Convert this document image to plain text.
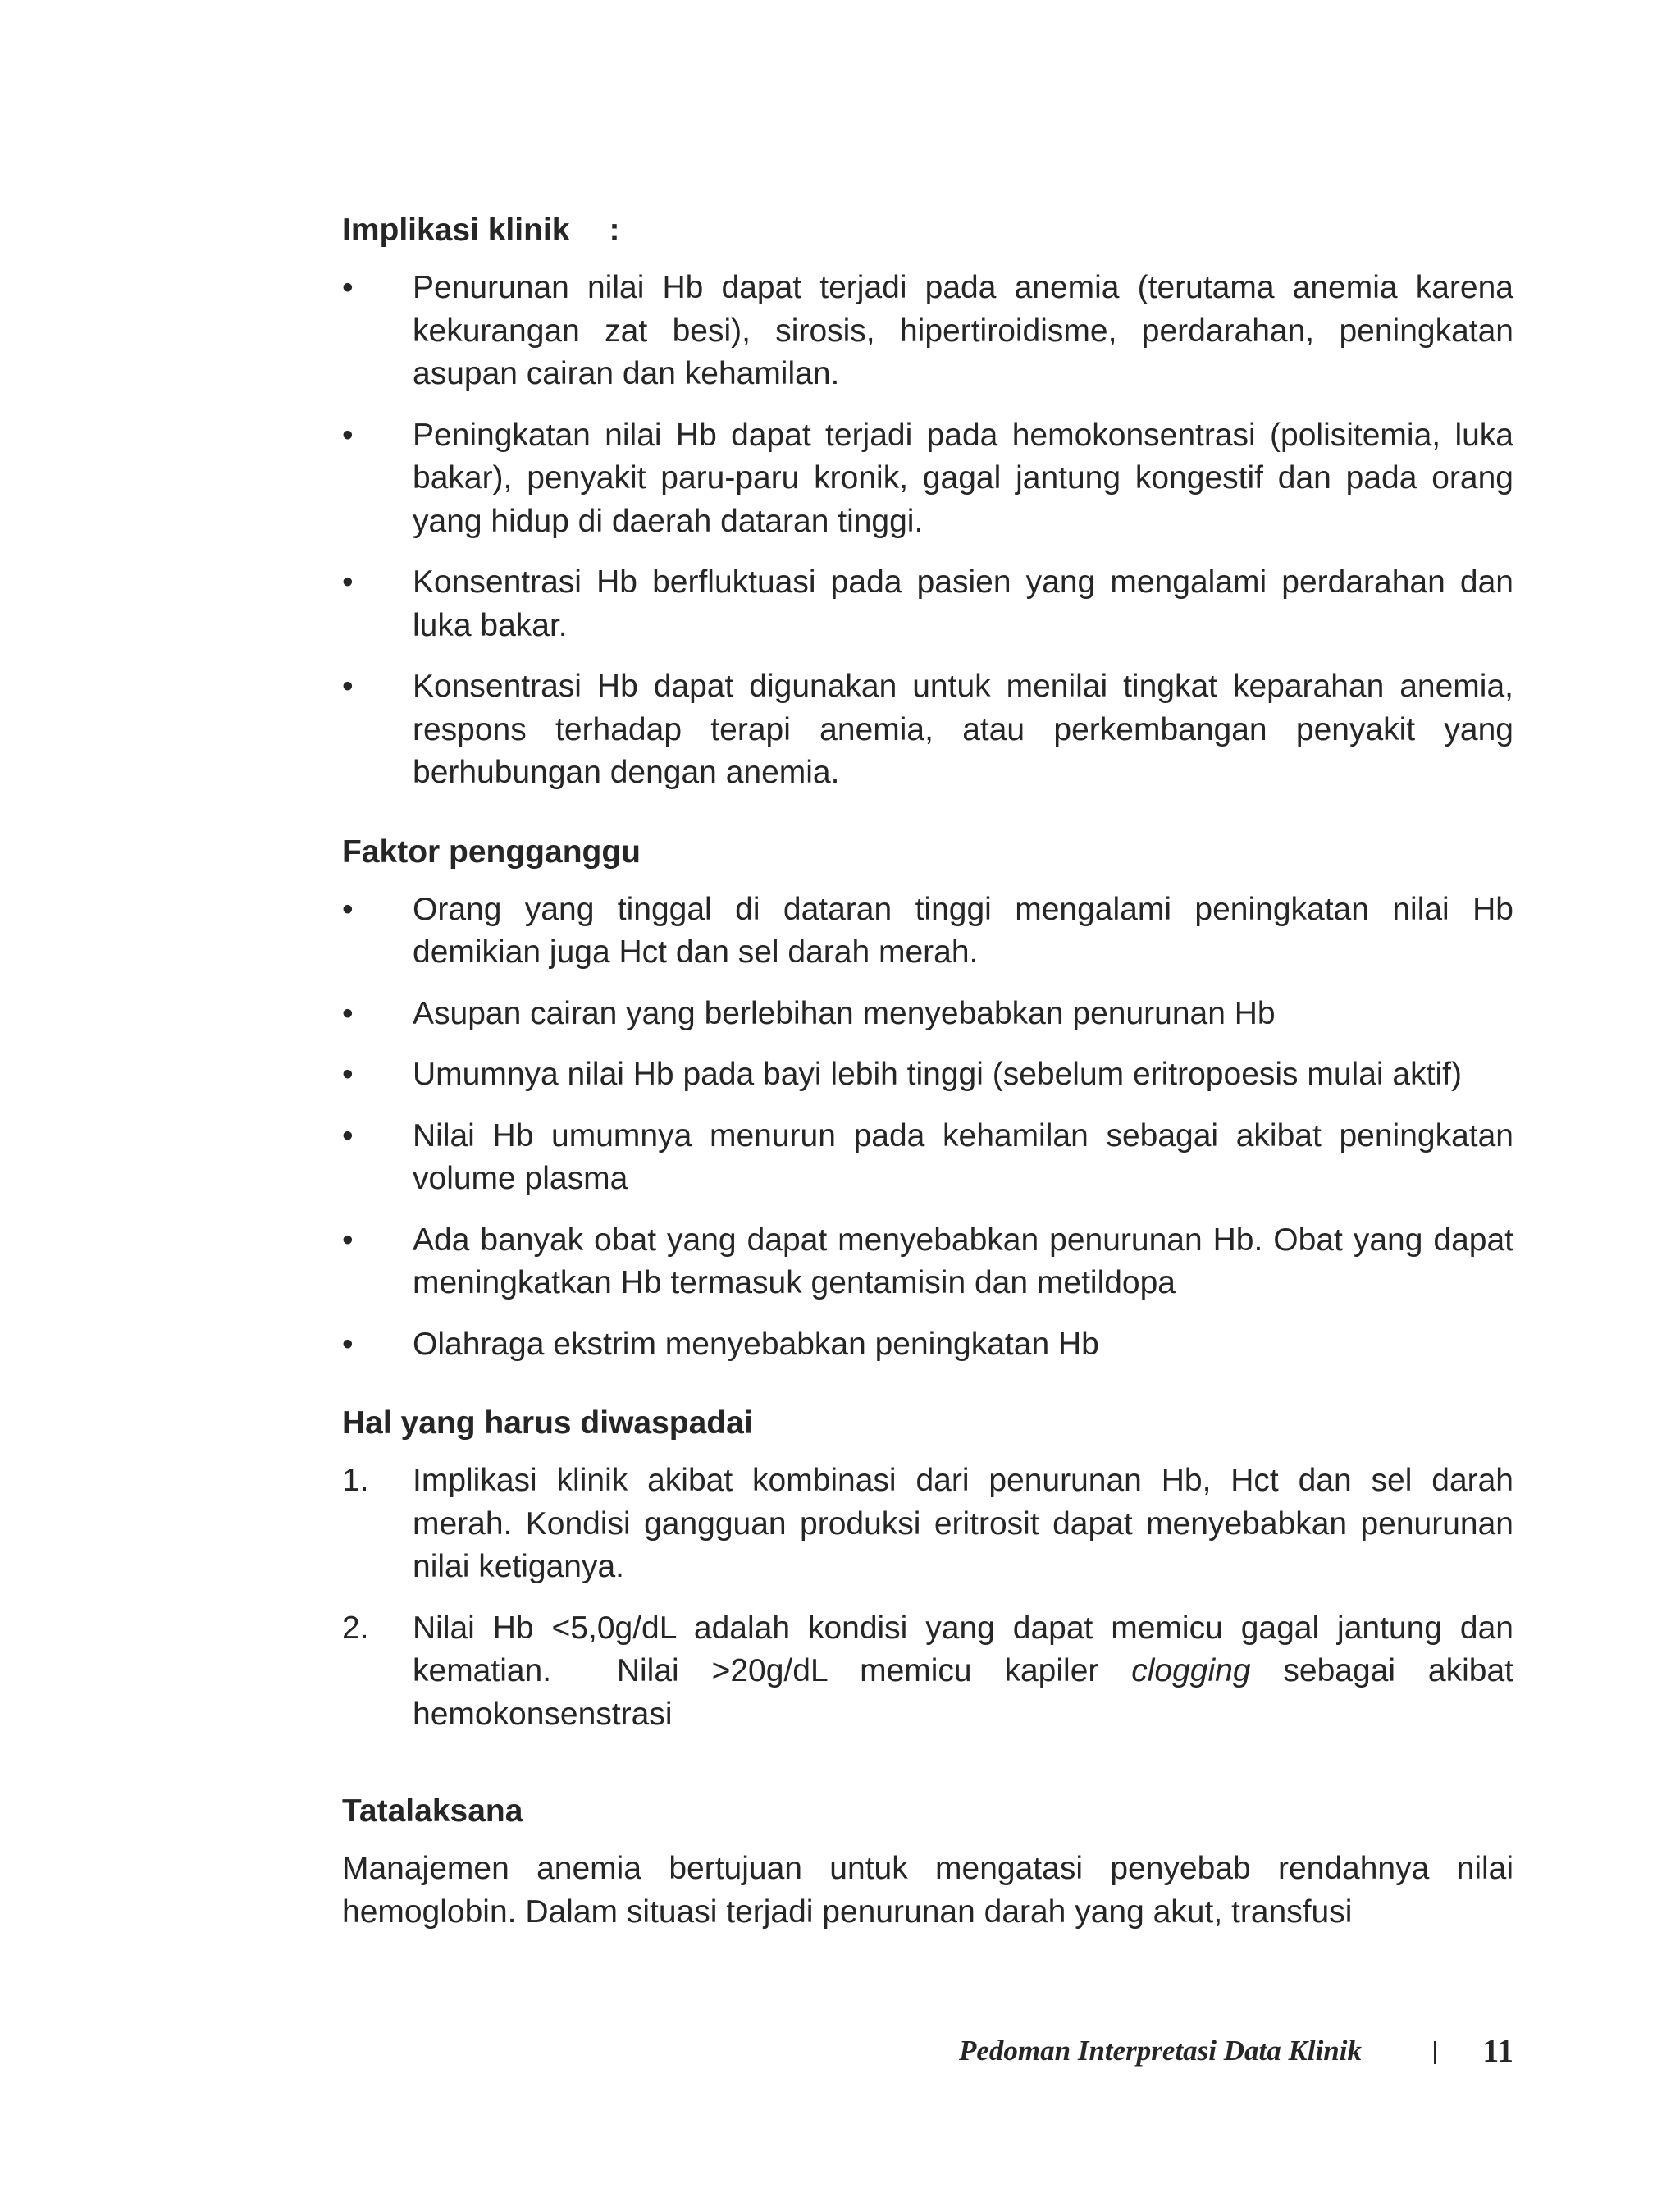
Implikasi klinik :
•	Penurunan nilai Hb dapat terjadi pada anemia (terutama anemia karena kekurangan zat besi), sirosis, hipertiroidisme, perdarahan, peningkatan asupan cairan dan kehamilan.
•	Peningkatan nilai Hb dapat terjadi pada hemokonsentrasi (polisitemia, luka bakar), penyakit paru-paru kronik, gagal jantung kongestif dan pada orang yang hidup di daerah dataran tinggi.
•	Konsentrasi Hb berfluktuasi pada pasien yang mengalami perdarahan dan luka bakar.
•	Konsentrasi Hb dapat digunakan untuk menilai tingkat keparahan anemia, respons terhadap terapi anemia, atau perkembangan penyakit yang berhubungan dengan anemia.
Faktor pengganggu
•	Orang yang tinggal di dataran tinggi mengalami peningkatan nilai Hb demikian juga Hct dan sel darah merah.
•	Asupan cairan yang berlebihan menyebabkan penurunan Hb
•	Umumnya nilai Hb pada bayi lebih tinggi (sebelum eritropoesis mulai aktif)
•	Nilai Hb umumnya menurun pada kehamilan sebagai akibat peningkatan volume plasma
•	Ada banyak obat yang dapat menyebabkan penurunan Hb. Obat yang dapat meningkatkan Hb termasuk gentamisin dan metildopa
•	Olahraga ekstrim menyebabkan peningkatan Hb
Hal yang harus diwaspadai
1.	Implikasi klinik akibat kombinasi dari penurunan Hb, Hct dan sel darah merah. Kondisi gangguan produksi eritrosit dapat menyebabkan penurunan nilai ketiganya.
2.	Nilai Hb <5,0g/dL adalah kondisi yang dapat memicu gagal jantung dan kematian.  Nilai >20g/dL memicu kapiler clogging sebagai akibat hemokonsenstrasi
Tatalaksana

Manajemen anemia bertujuan untuk mengatasi penyebab rendahnya nilai hemoglobin. Dalam situasi terjadi penurunan darah yang akut, transfusi

Pedoman Interpretasi Data Klinik	11
